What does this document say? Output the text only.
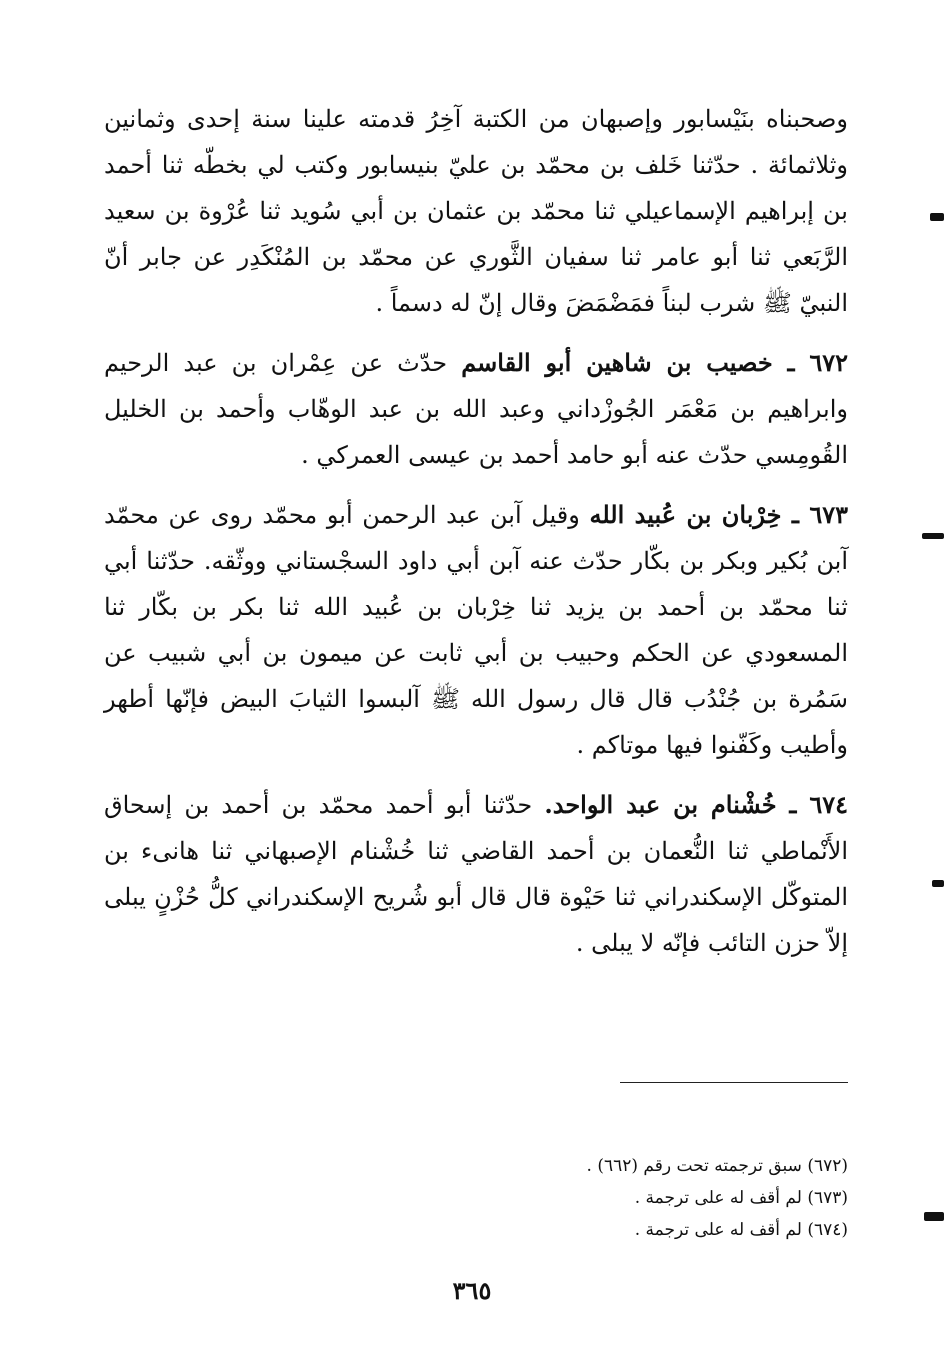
وصحبناه بنَيْسابور وإصبهان من الكتبة آخِرُ قدمته علينا سنة إحدى وثمانين وثلاثمائة . حدّثنا خَلف بن محمّد بن عليّ بنيسابور وكتب لي بخطّه ثنا أحمد بن إبراهيم الإسماعيلي ثنا محمّد بن عثمان بن أبي سُويد ثنا عُرْوة بن سعيد الرَّبَعي ثنا أبو عامر ثنا سفيان الثَّوري عن محمّد بن المُنْكَدِر عن جابر أنّ النبيّ ﷺ شرب لبناً فمَضْمَضَ وقال إنّ له دسماً .

٦٧٢ ـ خصيب بن شاهين أبو القاسم حدّث عن عِمْران بن عبد الرحيم وابراهيم بن مَعْمَر الجُوزْداني وعبد الله بن عبد الوهّاب وأحمد بن الخليل القُومِسي حدّث عنه أبو حامد أحمد بن عيسى العمركي .

٦٧٣ ـ خِرْبان بن عُبيد الله وقيل آبن عبد الرحمن أبو محمّد روى عن محمّد آبن بُكير وبكر بن بكّار حدّث عنه آبن أبي داود السجْستاني ووثّقه. حدّثنا أبي ثنا محمّد بن أحمد بن يزيد ثنا خِرْبان بن عُبيد الله ثنا بكر بن بكّار ثنا المسعودي عن الحكم وحبيب بن أبي ثابت عن ميمون بن أبي شبيب عن سَمُرة بن جُنْدُب قال قال رسول الله ﷺ آلبسوا الثيابَ البيض فإنّها أطهر وأطيب وكَفّنوا فيها موتاكم .

٦٧٤ ـ خُشْنام بن عبد الواحد. حدّثنا أبو أحمد محمّد بن أحمد بن إسحاق الأَنْماطي ثنا النُّعمان بن أحمد القاضي ثنا خُشْنام الإصبهاني ثنا هانىء بن المتوكّل الإسكندراني ثنا حَيْوة قال قال أبو شُريح الإسكندراني كلُّ حُزْنٍ يبلى إلاّ حزن التائب فإنّه لا يبلى .

(٦٧٢) سبق ترجمته تحت رقم (٦٦٢) .

(٦٧٣) لم أقف له على ترجمة .

(٦٧٤) لم أقف له على ترجمة .

٣٦٥
